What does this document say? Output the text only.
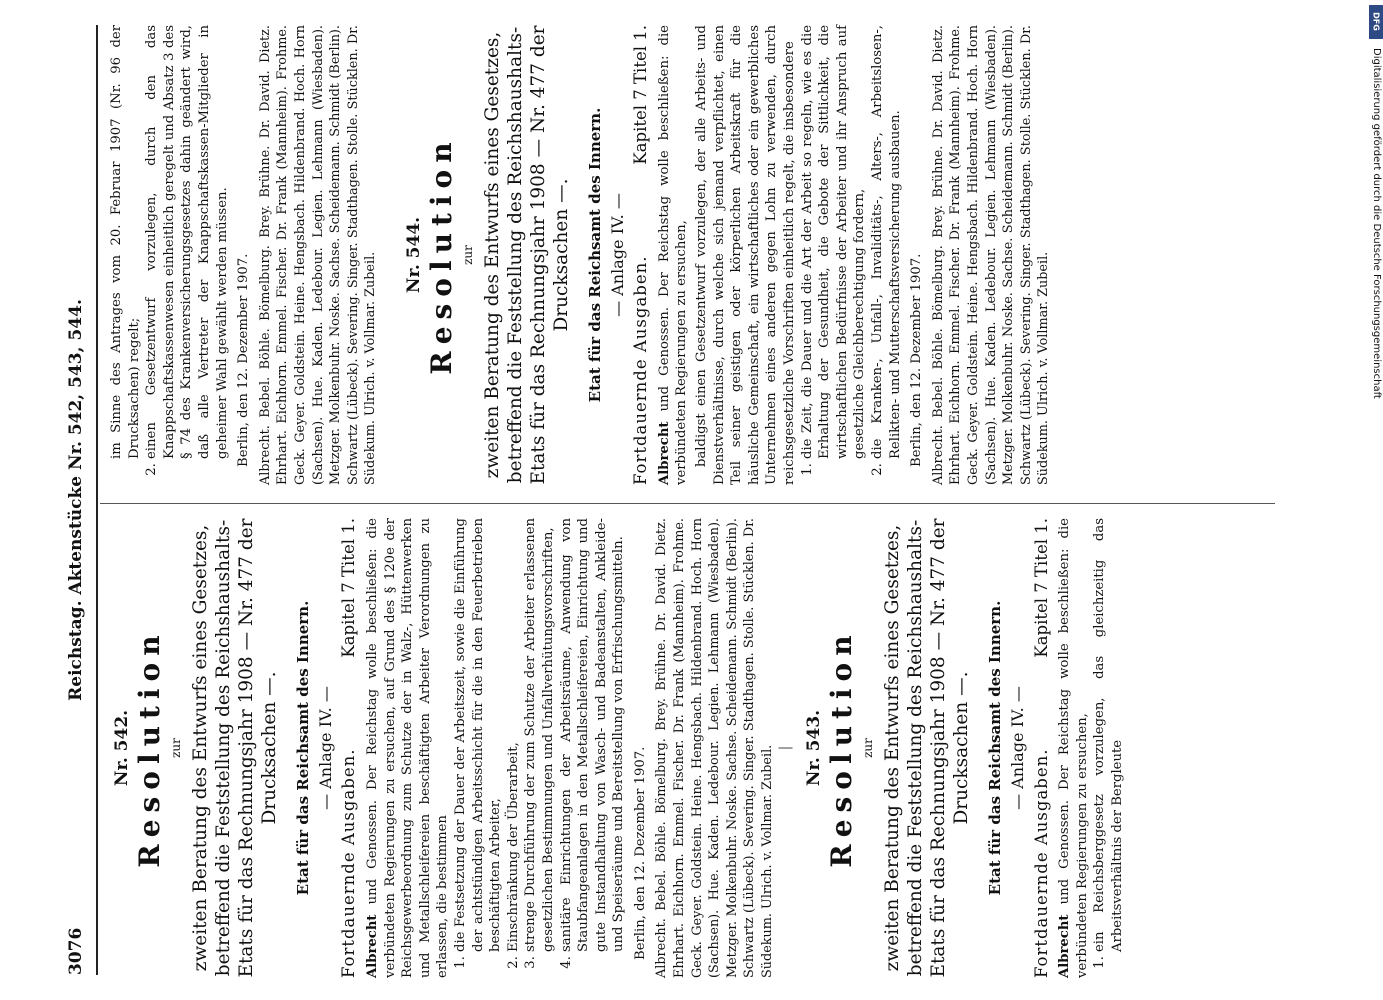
3076
Reichstag. Aktenstücke Nr. 542, 543, 544.
Nr. 542. Resolution zur zweiten Beratung des Entwurfs eines Gesetzes, betreffend die Feststellung des Reichshaushalts-Etats für das Rechnungsjahr 1908 — Nr. 477 der Drucksachen —. Etat für das Reichsamt des Innern. — Anlage IV. —
Fortdauernde Ausgaben.
Kapitel 7 Titel 1.

Albrecht und Genossen. Der Reichstag wolle beschließen: die verbündeten Regierungen zu ersuchen, auf Grund des § 120e der Reichsgewerbeordnung zum Schutze der in Walz-, Hüttenwerken und Metallschleifereien beschäftigten Arbeiter Verordnungen zu erlassen, die bestimmen 1. die Festsetzung der Dauer der Arbeitszeit, sowie die Einführung der achtstündigen Arbeitsschicht für die in den Feuerbetrieben beschäftigten Arbeiter, 2. Einschränkung der Überarbeit, 3. strenge Durchführung der zum Schutze der Arbeiter erlassenen gesetzlichen Bestimmungen und Unfallverhütungsvorschriften, 4. sanitäre Einrichtungen der Arbeitsräume, Anwendung von Staubfangeanlagen in den Metallschleifereien, Einrichtung und gute Instandhaltung von Wasch- und Badeanstalten, Ankleide- und Speiseräume und Bereitstellung von Erfrischungsmitteln. Berlin, den 12. Dezember 1907. Albrecht. Bebel. Böhle. Bömelburg. Brey. Brühne. Dr. David. Dietz. Ehrhart. Eichhorn. Emmel. Fischer. Dr. Frank (Mannheim). Frohme. Geck. Geyer. Goldstein. Heine. Hengsbach. Hildenbrand. Hoch. Horn (Sachsen). Hue. Kaden. Ledebour. Legien. Lehmann (Wiesbaden). Metzger. Molkenbuhr. Noske. Sachse. Scheidemann. Schmidt (Berlin). Schwartz (Lübeck). Severing. Singer. Stadthagen. Stolle. Stücklen. Dr. Südekum. Ulrich. v. Vollmar. Zubeil. | Nr. 543. Resolution zur zweiten Beratung des Entwurfs eines Gesetzes, betreffend die Feststellung des Reichshaushalts-Etats für das Rechnungsjahr 1908 — Nr. 477 der Drucksachen —. Etat für das Reichsamt des Innern. — Anlage IV. —
Fortdauernde Ausgaben.
Kapitel 7 Titel 1.

Albrecht und Genossen. Der Reichstag wolle beschließen: die verbündeten Regierungen zu ersuchen, 1. ein Reichsberggesetz vorzulegen, das gleichzeitig das Arbeitsverhältnis der Bergleute
im Sinne des Antrages vom 20. Februar 1907 (Nr. 96 der Drucksachen) regelt; 2. einen Gesetzentwurf vorzulegen, durch den das Knappschaftskassenwesen einheitlich geregelt und Absatz 3 des § 74 des Krankenversicherungsgesetzes dahin geändert wird, daß alle Vertreter der Knappschaftskassen-Mitglieder in geheimer Wahl gewählt werden müssen. Berlin, den 12. Dezember 1907. Albrecht. Bebel. Böhle. Bömelburg. Brey. Brühne. Dr. David. Dietz. Ehrhart. Eichhorn. Emmel. Fischer. Dr. Frank (Mannheim). Frohme. Geck. Geyer. Goldstein. Heine. Hengsbach. Hildenbrand. Hoch. Horn (Sachsen). Hue. Kaden. Ledebour. Legien. Lehmann (Wiesbaden). Metzger. Molkenbuhr. Noske. Sachse. Scheidemann. Schmidt (Berlin). Schwartz (Lübeck). Severing. Singer. Stadthagen. Stolle. Stücklen. Dr. Südekum. Ulrich. v. Vollmar. Zubeil. Nr. 544. Resolution zur zweiten Beratung des Entwurfs eines Gesetzes, betreffend die Feststellung des Reichshaushalts-Etats für das Rechnungsjahr 1908 — Nr. 477 der Drucksachen —. Etat für das Reichsamt des Innern. — Anlage IV. —
Fortdauernde Ausgaben.
Kapitel 7 Titel 1.

Albrecht und Genossen. Der Reichstag wolle beschließen: die verbündeten Regierungen zu ersuchen, baldigst einen Gesetzentwurf vorzulegen, der alle Arbeits- und Dienstverhältnisse, durch welche sich jemand verpflichtet, einen Teil seiner geistigen oder körperlichen Arbeitskraft für die häusliche Gemeinschaft, ein wirtschaftliches oder ein gewerbliches Unternehmen eines anderen gegen Lohn zu verwenden, durch reichsgesetzliche Vorschriften einheitlich regelt, die insbesondere 1. die Zeit, die Dauer und die Art der Arbeit so regeln, wie es die Erhaltung der Gesundheit, die Gebote der Sittlichkeit, die wirtschaftlichen Bedürfnisse der Arbeiter und ihr Anspruch auf gesetzliche Gleichberechtigung fordern, 2. die Kranken-, Unfall-, Invaliditäts-, Alters-, Arbeitslosen-, Relikten- und Mutterschaftsversicherung ausbauen. Berlin, den 12. Dezember 1907. Albrecht. Bebel. Böhle. Bömelburg. Brey. Brühne. Dr. David. Dietz. Ehrhart. Eichhorn. Emmel. Fischer. Dr. Frank (Mannheim). Frohme. Geck. Geyer. Goldstein. Heine. Hengsbach. Hildenbrand. Hoch. Horn (Sachsen). Hue. Kaden. Ledebour. Legien. Lehmann (Wiesbaden). Metzger. Molkenbuhr. Noske. Sachse. Scheidemann. Schmidt (Berlin). Schwartz (Lübeck). Severing. Singer. Stadthagen. Stolle. Stücklen. Dr. Südekum. Ulrich. v. Vollmar. Zubeil.
DFG
Digitalisierung gefördert durch die Deutsche Forschungsgemeinschaft
